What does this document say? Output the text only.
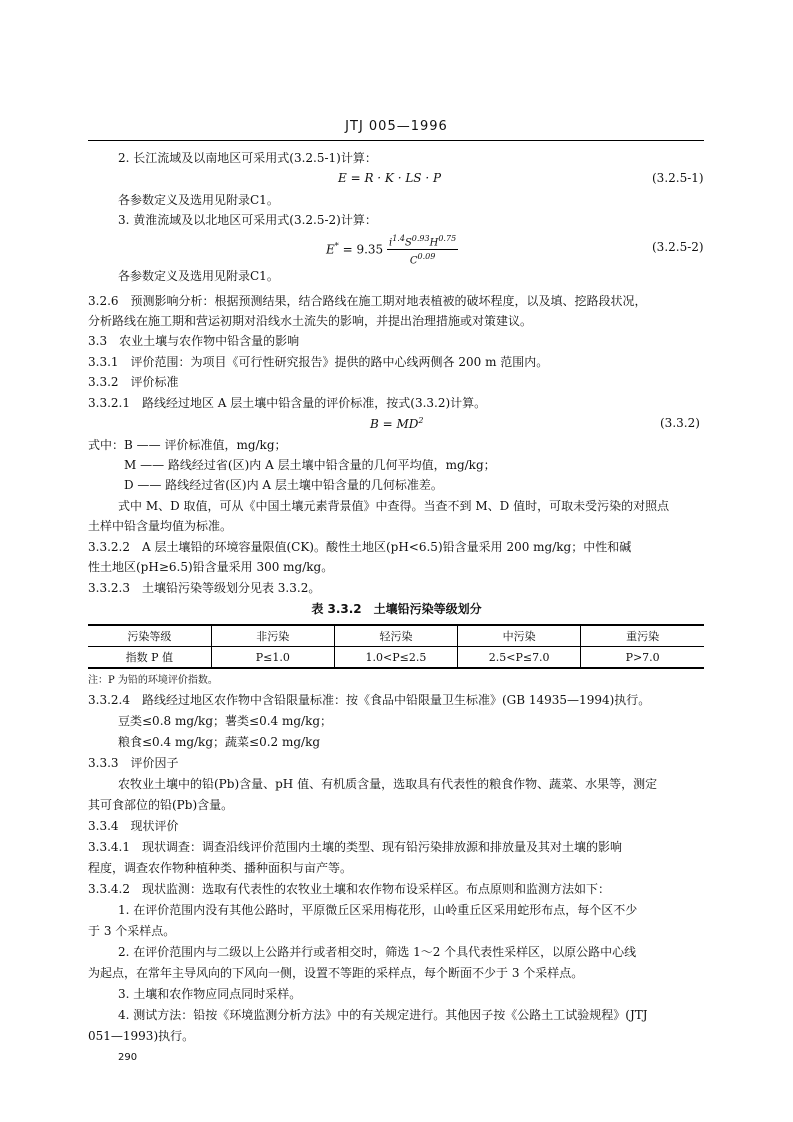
JTJ 005—1996
2. 长江流域及以南地区可采用式(3.2.5-1)计算：
E = R · K · LS · P	(3.2.5-1)
各参数定义及选用见附录C1。
3. 黄淮流域及以北地区可采用式(3.2.5-2)计算：
$E^* = 9.35 \frac{i^{1.4}S^{0.93}H^{0.75}}{C^{0.09}}$	(3.2.5-2)
各参数定义及选用见附录C1。
3.2.6　预测影响分析：根据预测结果，结合路线在施工期对地表植被的破坏程度，以及填、挖路段状况，
分析路线在施工期和营运初期对沿线水土流失的影响，并提出治理措施或对策建议。
3.3　农业土壤与农作物中铅含量的影响
3.3.1　评价范围：为项目《可行性研究报告》提供的路中心线两侧各 200 m 范围内。
3.3.2　评价标准
3.3.2.1　路线经过地区 A 层土壤中铅含量的评价标准，按式(3.3.2)计算。
$B = MD^2$	(3.3.2)
式中：B —— 评价标准值，mg/kg；
M —— 路线经过省(区)内 A 层土壤中铅含量的几何平均值，mg/kg；
D —— 路线经过省(区)内 A 层土壤中铅含量的几何标准差。
式中 M、D 取值，可从《中国土壤元素背景值》中查得。当查不到 M、D 值时，可取未受污染的对照点
土样中铅含量均值为标准。
3.3.2.2　A 层土壤铅的环境容量限值(CK)。酸性土地区(pH<6.5)铅含量采用 200 mg/kg；中性和碱
性土地区(pH≥6.5)铅含量采用 300 mg/kg。
3.3.2.3　土壤铅污染等级划分见表 3.3.2。
表 3.3.2　土壤铅污染等级划分
污染等级	非污染	轻污染	中污染	重污染
指数 P 值	P≤1.0	1.0<P≤2.5	2.5<P≤7.0	P>7.0
注：P 为铅的环境评价指数。
3.3.2.4　路线经过地区农作物中含铅限量标准：按《食品中铅限量卫生标准》(GB 14935—1994)执行。
豆类≤0.8 mg/kg；薯类≤0.4 mg/kg；
粮食≤0.4 mg/kg；蔬菜≤0.2 mg/kg
3.3.3　评价因子
农牧业土壤中的铅(Pb)含量、pH 值、有机质含量，选取具有代表性的粮食作物、蔬菜、水果等，测定
其可食部位的铅(Pb)含量。
3.3.4　现状评价
3.3.4.1　现状调查：调查沿线评价范围内土壤的类型、现有铅污染排放源和排放量及其对土壤的影响
程度，调查农作物种植种类、播种面积与亩产等。
3.3.4.2　现状监测：选取有代表性的农牧业土壤和农作物布设采样区。布点原则和监测方法如下：
1. 在评价范围内没有其他公路时，平原微丘区采用梅花形，山岭重丘区采用蛇形布点，每个区不少
于 3 个采样点。
2. 在评价范围内与二级以上公路并行或者相交时，筛选 1～2 个具代表性采样区，以原公路中心线
为起点，在常年主导风向的下风向一侧，设置不等距的采样点，每个断面不少于 3 个采样点。
3. 土壤和农作物应同点同时采样。
4. 测试方法：铅按《环境监测分析方法》中的有关规定进行。其他因子按《公路土工试验规程》(JTJ
051—1993)执行。
290
